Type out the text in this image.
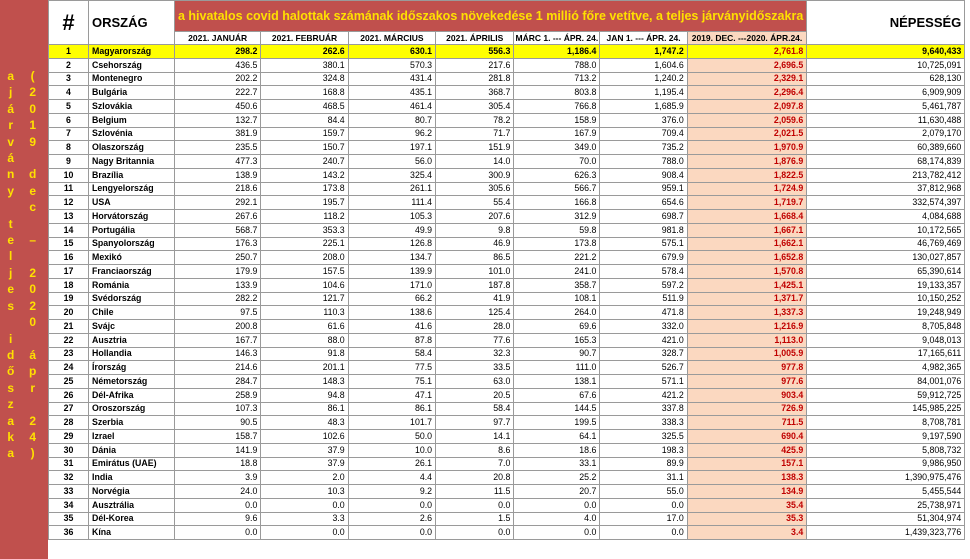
a
j
á
r
v
á
n
y

t
e
l
j
e
s

i
d
ő
s
z
a
k
a
(
2
0
1
9

d
e
c

–

2
0
2
0

á
p
r

2
4
)
#	ORSZÁG	a hivatalos covid halottak számának időszakos növekedése 1 millió főre vetítve, a teljes járványidőszakra							NÉPESSÉG
		2021. JANUÁR	2021. FEBRUÁR	2021. MÁRCIUS	2021. ÁPRILIS	MÁRC 1. --- ÁPR. 24.	JAN 1. --- ÁPR. 24.	2019. DEC. ---2020. ÁPR.24.	
1	Magyarország	298.2	262.6	630.1	556.3	1,186.4	1,747.2	2,761.8	9,640,433
2	Csehország	436.5	380.1	570.3	217.6	788.0	1,604.6	2,696.5	10,725,091
3	Montenegro	202.2	324.8	431.4	281.8	713.2	1,240.2	2,329.1	628,130
4	Bulgária	222.7	168.8	435.1	368.7	803.8	1,195.4	2,296.4	6,909,909
5	Szlovákia	450.6	468.5	461.4	305.4	766.8	1,685.9	2,097.8	5,461,787
6	Belgium	132.7	84.4	80.7	78.2	158.9	376.0	2,059.6	11,630,488
7	Szlovénia	381.9	159.7	96.2	71.7	167.9	709.4	2,021.5	2,079,170
8	Olaszország	235.5	150.7	197.1	151.9	349.0	735.2	1,970.9	60,389,660
9	Nagy Britannia	477.3	240.7	56.0	14.0	70.0	788.0	1,876.9	68,174,839
10	Brazília	138.9	143.2	325.4	300.9	626.3	908.4	1,822.5	213,782,412
11	Lengyelország	218.6	173.8	261.1	305.6	566.7	959.1	1,724.9	37,812,968
12	USA	292.1	195.7	111.4	55.4	166.8	654.6	1,719.7	332,574,397
13	Horvátország	267.6	118.2	105.3	207.6	312.9	698.7	1,668.4	4,084,688
14	Portugália	568.7	353.3	49.9	9.8	59.8	981.8	1,667.1	10,172,565
15	Spanyolország	176.3	225.1	126.8	46.9	173.8	575.1	1,662.1	46,769,469
16	Mexikó	250.7	208.0	134.7	86.5	221.2	679.9	1,652.8	130,027,857
17	Franciaország	179.9	157.5	139.9	101.0	241.0	578.4	1,570.8	65,390,614
18	Románia	133.9	104.6	171.0	187.8	358.7	597.2	1,425.1	19,133,357
19	Svédország	282.2	121.7	66.2	41.9	108.1	511.9	1,371.7	10,150,252
20	Chile	97.5	110.3	138.6	125.4	264.0	471.8	1,337.3	19,248,949
21	Svájc	200.8	61.6	41.6	28.0	69.6	332.0	1,216.9	8,705,848
22	Ausztria	167.7	88.0	87.8	77.6	165.3	421.0	1,113.0	9,048,013
23	Hollandia	146.3	91.8	58.4	32.3	90.7	328.7	1,005.9	17,165,611
24	Írország	214.6	201.1	77.5	33.5	111.0	526.7	977.8	4,982,365
25	Németország	284.7	148.3	75.1	63.0	138.1	571.1	977.6	84,001,076
26	Dél-Afrika	258.9	94.8	47.1	20.5	67.6	421.2	903.4	59,912,725
27	Oroszország	107.3	86.1	86.1	58.4	144.5	337.8	726.9	145,985,225
28	Szerbia	90.5	48.3	101.7	97.7	199.5	338.3	711.5	8,708,781
29	Izrael	158.7	102.6	50.0	14.1	64.1	325.5	690.4	9,197,590
30	Dánia	141.9	37.9	10.0	8.6	18.6	198.3	425.9	5,808,732
31	Emirátus (UAE)	18.8	37.9	26.1	7.0	33.1	89.9	157.1	9,986,950
32	India	3.9	2.0	4.4	20.8	25.2	31.1	138.3	1,390,975,476
33	Norvégia	24.0	10.3	9.2	11.5	20.7	55.0	134.9	5,455,544
34	Ausztrália	0.0	0.0	0.0	0.0	0.0	0.0	35.4	25,738,971
35	Dél-Korea	9.6	3.3	2.6	1.5	4.0	17.0	35.3	51,304,974
36	Kína	0.0	0.0	0.0	0.0	0.0	0.0	3.4	1,439,323,776
